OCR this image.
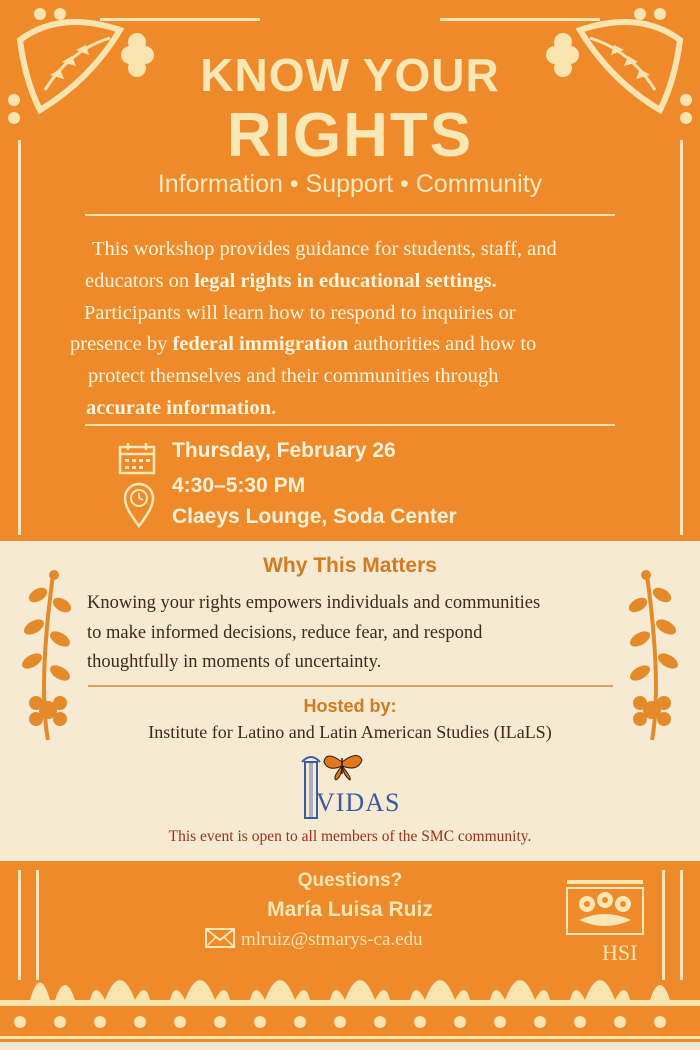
KNOW YOUR
RIGHTS
Information • Support • Community

This workshop provides guidance for students, staff, and

educators on legal rights in educational settings.

Participants will learn how to respond to inquiries or

presence by federal immigration authorities and how to

protect themselves and their communities through

accurate information.

Thursday, February 26
4:30–5:30 PM
Claeys Lounge, Soda Center
Why This Matters

Knowing your rights empowers individuals and communities

to make informed decisions, reduce fear, and respond

thoughtfully in moments of uncertainty.

Hosted by:
Institute for Latino and Latin American Studies (ILaLS)
VIDAS
This event is open to all members of the SMC community.
Questions?
María Luisa Ruiz
mlruiz@stmarys-ca.edu
HSI
